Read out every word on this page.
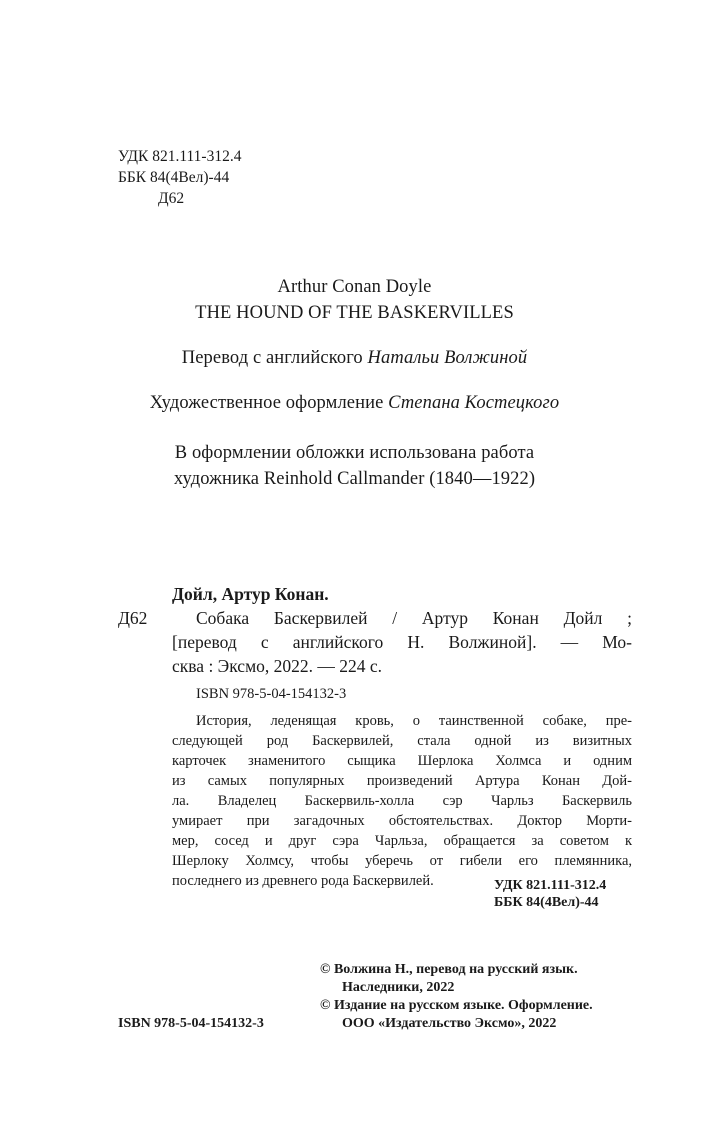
УДК 821.111-312.4
ББК 84(4Вел)-44
Д62
Arthur Conan Doyle
THE HOUND OF THE BASKERVILLES
Перевод с английского Натальи Волжиной
Художественное оформление Степана Костецкого
В оформлении обложки использована работа
художника Reinhold Callmander (1840—1922)
Дойл, Артур Конан.
Д62	Собака Баскервилей / Артур Конан Дойл ;
[перевод с английского Н. Волжиной]. — Мо-
сква : Эксмо, 2022. — 224 с.
ISBN 978-5-04-154132-3
История, леденящая кровь, о таинственной собаке, пре-
следующей род Баскервилей, стала одной из визитных
карточек знаменитого сыщика Шерлока Холмса и одним
из самых популярных произведений Артура Конан Дой-
ла. Владелец Баскервиль-холла сэр Чарльз Баскервиль
умирает при загадочных обстоятельствах. Доктор Морти-
мер, сосед и друг сэра Чарльза, обращается за советом к
Шерлоку Холмсу, чтобы уберечь от гибели его племянника,
последнего из древнего рода Баскервилей.	УДК 821.111-312.4
ББК 84(4Вел)-44
© Волжина Н., перевод на русский язык.
Наследники, 2022
© Издание на русском языке. Оформление.
ООО «Издательство Эксмо», 2022
ISBN 978-5-04-154132-3
